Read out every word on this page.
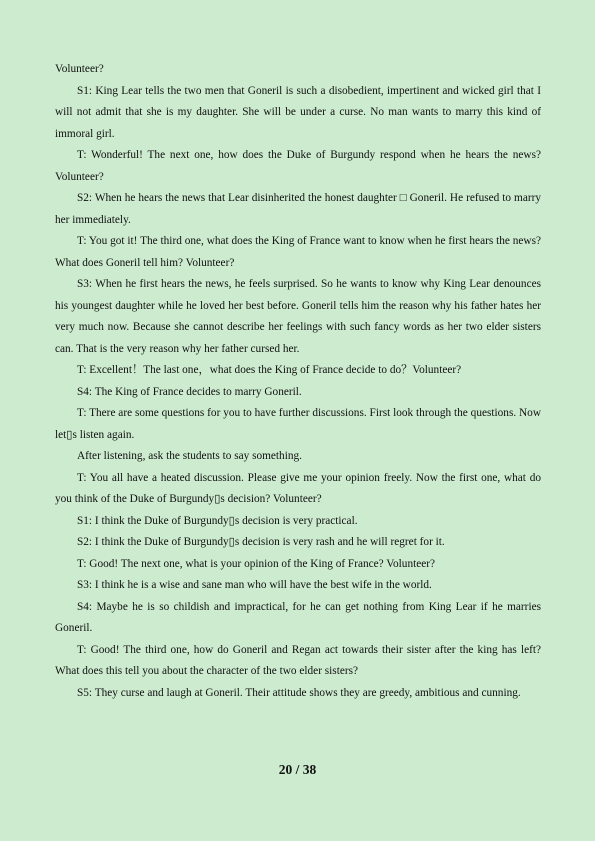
Volunteer?

S1: King Lear tells the two men that Goneril is such a disobedient, impertinent and wicked girl that I will not admit that she is my daughter. She will be under a curse. No man wants to marry this kind of immoral girl.

T: Wonderful! The next one, how does the Duke of Burgundy respond when he hears the news? Volunteer?

S2: When he hears the news that Lear disinherited the honest daughter □ Goneril. He refused to marry her immediately.

T: You got it! The third one, what does the King of France want to know when he first hears the news? What does Goneril tell him? Volunteer?

S3: When he first hears the news, he feels surprised. So he wants to know why King Lear denounces his youngest daughter while he loved her best before. Goneril tells him the reason why his father hates her very much now. Because she cannot describe her feelings with such fancy words as her two elder sisters can. That is the very reason why her father cursed her.

T: Excellent！The last one，what does the King of France decide to do？Volunteer?

S4: The King of France decides to marry Goneril.

T: There are some questions for you to have further discussions. First look through the questions. Now let▯s listen again.

After listening, ask the students to say something.

T: You all have a heated discussion. Please give me your opinion freely. Now the first one, what do you think of the Duke of Burgundy▯s decision? Volunteer?

S1: I think the Duke of Burgundy▯s decision is very practical.

S2: I think the Duke of Burgundy▯s decision is very rash and he will regret for it.

T: Good! The next one, what is your opinion of the King of France? Volunteer?

S3: I think he is a wise and sane man who will have the best wife in the world.

S4: Maybe he is so childish and impractical, for he can get nothing from King Lear if he marries Goneril.

T: Good! The third one, how do Goneril and Regan act towards their sister after the king has left? What does this tell you about the character of the two elder sisters?

S5: They curse and laugh at Goneril. Their attitude shows they are greedy, ambitious and cunning.

20 / 38
